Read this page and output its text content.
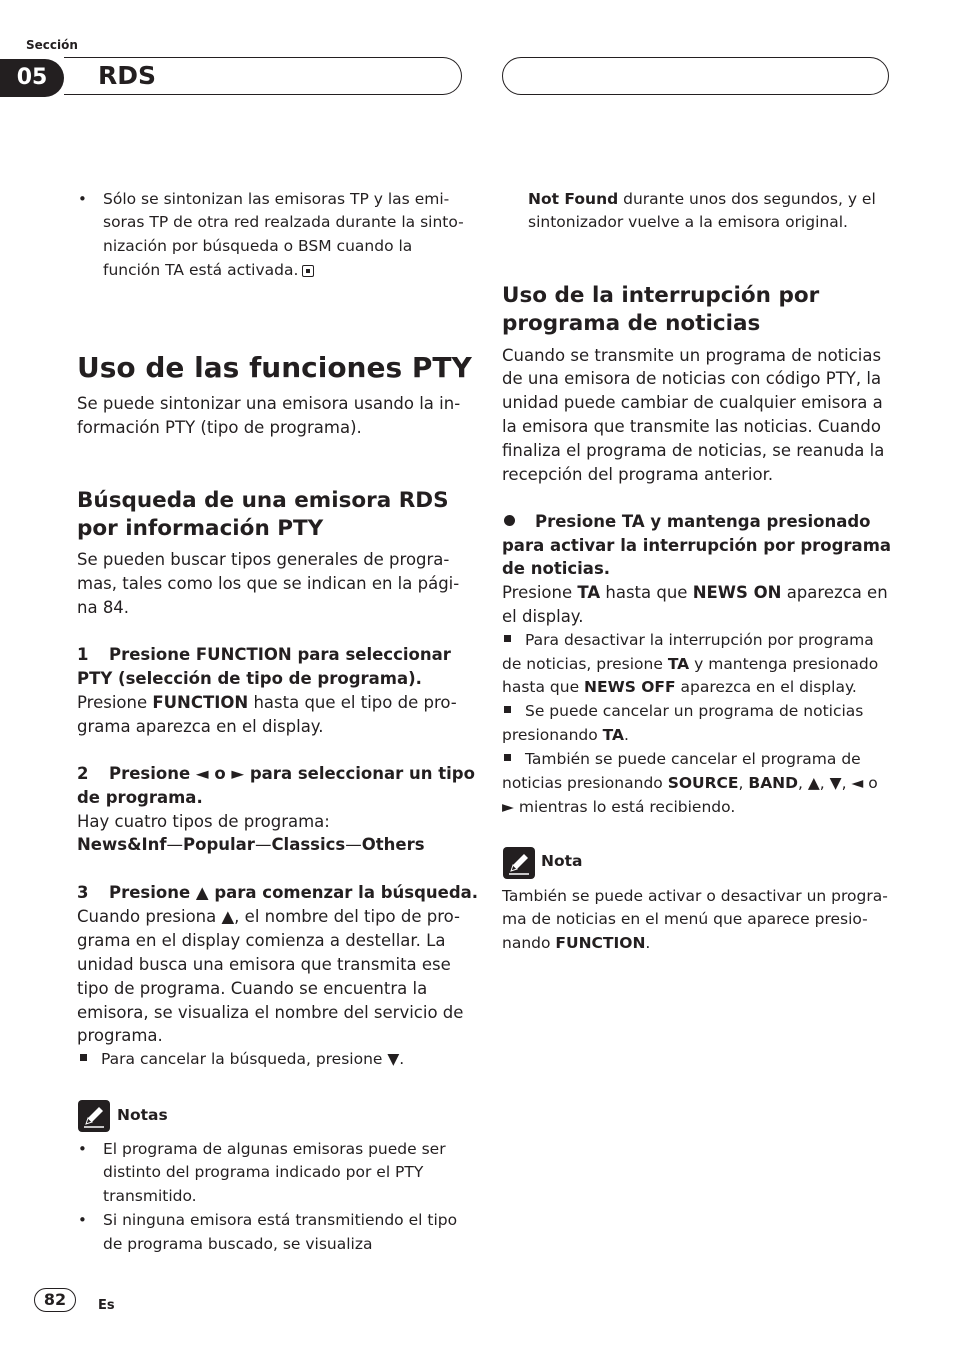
Sección
05	RDS
• Sólo se sintonizan las emisoras TP y las emi-
soras TP de otra red realzada durante la sinto-
nización por búsqueda o BSM cuando la
función TA está activada.
Uso de las funciones PTY
Se puede sintonizar una emisora usando la in-
formación PTY (tipo de programa).
Búsqueda de una emisora RDS
por información PTY
Se pueden buscar tipos generales de progra-
mas, tales como los que se indican en la pági-
na 84.
1 Presione FUNCTION para seleccionar
PTY (selección de tipo de programa).
Presione FUNCTION hasta que el tipo de pro-
grama aparezca en el display.
2 Presione ◄ o ► para seleccionar un tipo
de programa.
Hay cuatro tipos de programa:
News&Inf—Popular—Classics—Others
3 Presione ▲ para comenzar la búsqueda.
Cuando presiona ▲, el nombre del tipo de pro-
grama en el display comienza a destellar. La
unidad busca una emisora que transmita ese
tipo de programa. Cuando se encuentra la
emisora, se visualiza el nombre del servicio de
programa.
Para cancelar la búsqueda, presione ▼.
Notas
• El programa de algunas emisoras puede ser
distinto del programa indicado por el PTY
transmitido.
• Si ninguna emisora está transmitiendo el tipo
de programa buscado, se visualiza
Not Found durante unos dos segundos, y el
sintonizador vuelve a la emisora original.
Uso de la interrupción por
programa de noticias
Cuando se transmite un programa de noticias
de una emisora de noticias con código PTY, la
unidad puede cambiar de cualquier emisora a
la emisora que transmite las noticias. Cuando
finaliza el programa de noticias, se reanuda la
recepción del programa anterior.
Presione TA y mantenga presionado
para activar la interrupción por programa
de noticias.
Presione TA hasta que NEWS ON aparezca en
el display.
Para desactivar la interrupción por programa
de noticias, presione TA y mantenga presionado
hasta que NEWS OFF aparezca en el display.
Se puede cancelar un programa de noticias
presionando TA.
También se puede cancelar el programa de
noticias presionando SOURCE, BAND, ▲, ▼, ◄ o
► mientras lo está recibiendo.
Nota
También se puede activar o desactivar un progra-
ma de noticias en el menú que aparece presio-
nando FUNCTION.
82	Es
